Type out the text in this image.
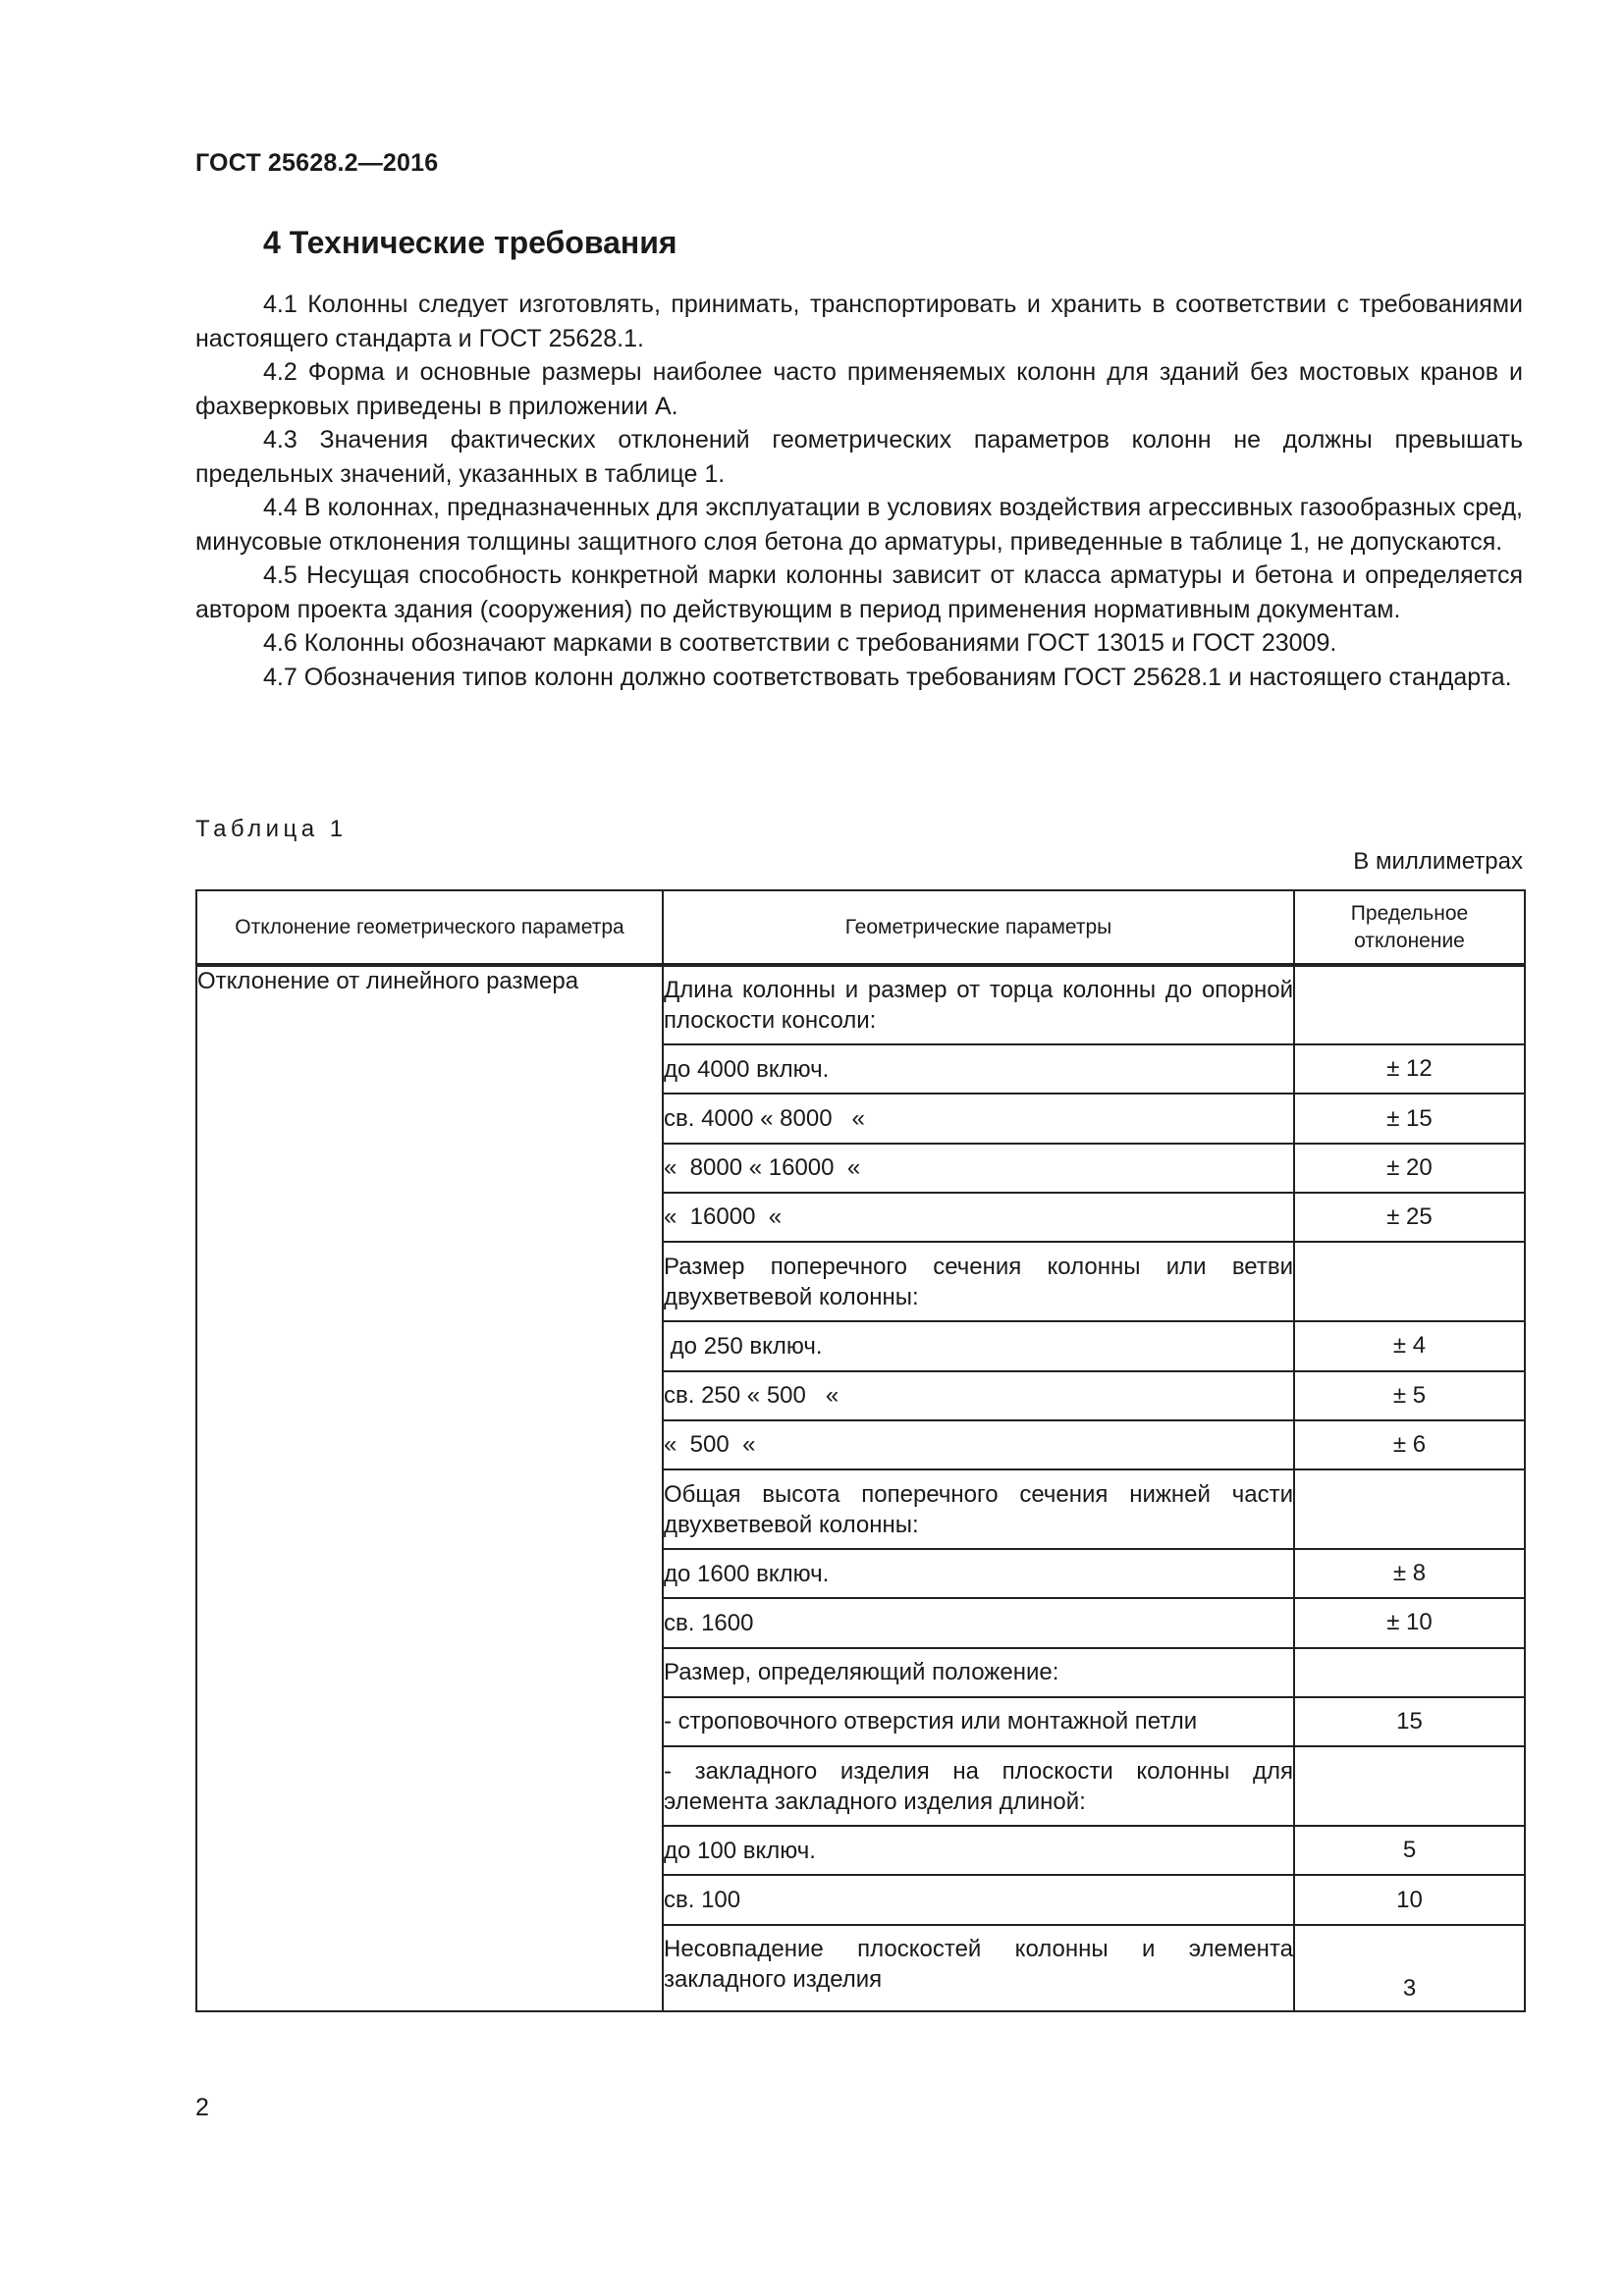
ГОСТ 25628.2—2016
4 Технические требования

4.1 Колонны следует изготовлять, принимать, транспортировать и хранить в соответствии с требованиями настоящего стандарта и ГОСТ 25628.1.

4.2 Форма и основные размеры наиболее часто применяемых колонн для зданий без мостовых кранов и фахверковых приведены в приложении А.

4.3 Значения фактических отклонений геометрических параметров колонн не должны превышать предельных значений, указанных в таблице 1.

4.4 В колоннах, предназначенных для эксплуатации в условиях воздействия агрессивных газообразных сред, минусовые отклонения толщины защитного слоя бетона до арматуры, приведенные в таблице 1, не допускаются.

4.5 Несущая способность конкретной марки колонны зависит от класса арматуры и бетона и определяется автором проекта здания (сооружения) по действующим в период применения нормативным документам.

4.6 Колонны обозначают марками в соответствии с требованиями ГОСТ 13015 и ГОСТ 23009.

4.7 Обозначения типов колонн должно соответствовать требованиям ГОСТ 25628.1 и настоящего стандарта.

Таблица 1
В миллиметрах
Отклонение геометрического параметра	Геометрические параметры	Предельное отклонение
Отклонение от линейного размера	Длина колонны и размер от торца колонны до опорной плоскости консоли:	
	до 4000 включ.	± 12
	св. 4000 « 8000   «	± 15
	«  8000 « 16000  «	± 20
	«  16000  «	± 25
	Размер поперечного сечения колонны или ветви двухветвевой колонны:	
	до 250 включ.	± 4
	св. 250 « 500   «	± 5
	«  500  «	± 6
	Общая высота поперечного сечения нижней части двухветвевой колонны:	
	до 1600 включ.	± 8
	св. 1600	± 10
	Размер, определяющий положение:	
	- строповочного отверстия или монтажной петли	15
	- закладного изделия на плоскости колонны для элемента закладного изделия длиной:	
	до 100 включ.	5
	св. 100	10
	Несовпадение плоскостей колонны и элемента закладного изделия	3
2
